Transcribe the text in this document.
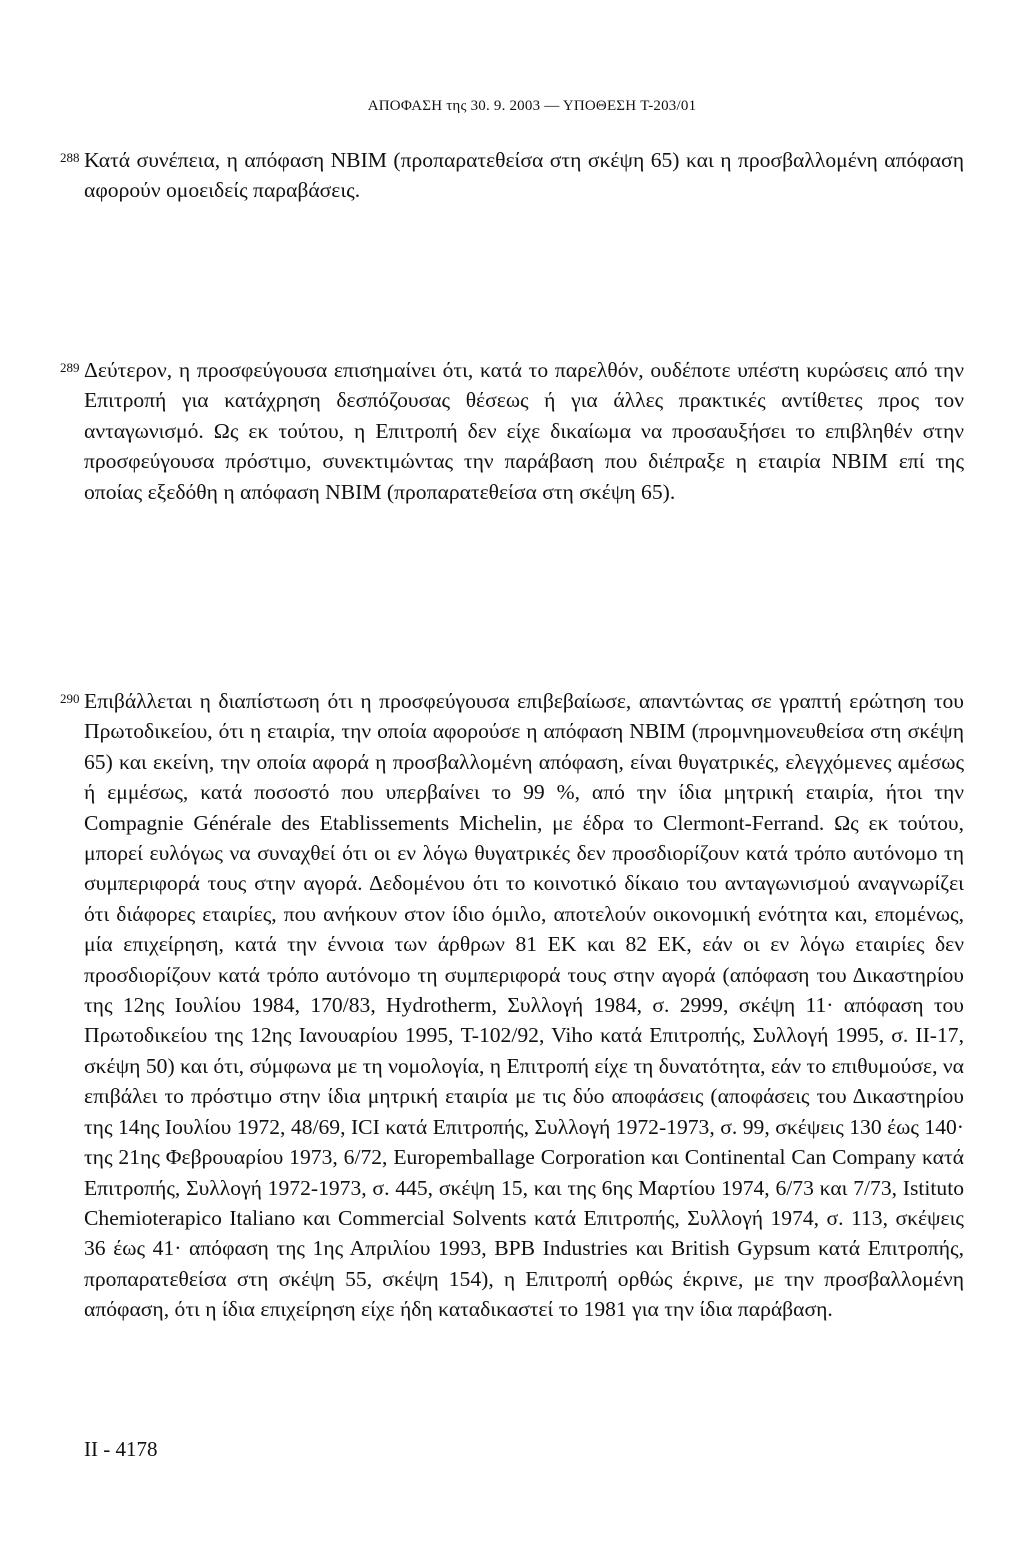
ΑΠΟΦΑΣΗ της 30. 9. 2003 — ΥΠΟΘΕΣΗ T-203/01
288 Κατά συνέπεια, η απόφαση NBIM (προπαρατεθείσα στη σκέψη 65) και η προσβαλλομένη απόφαση αφορούν ομοειδείς παραβάσεις.
289 Δεύτερον, η προσφεύγουσα επισημαίνει ότι, κατά το παρελθόν, ουδέποτε υπέστη κυρώσεις από την Επιτροπή για κατάχρηση δεσπόζουσας θέσεως ή για άλλες πρακτικές αντίθετες προς τον ανταγωνισμό. Ως εκ τούτου, η Επιτροπή δεν είχε δικαίωμα να προσαυξήσει το επιβληθέν στην προσφεύγουσα πρόστιμο, συνεκτιμώντας την παράβαση που διέπραξε η εταιρία NBIM επί της οποίας εξεδόθη η απόφαση NBIM (προπαρατεθείσα στη σκέψη 65).
290 Επιβάλλεται η διαπίστωση ότι η προσφεύγουσα επιβεβαίωσε, απαντώντας σε γραπτή ερώτηση του Πρωτοδικείου, ότι η εταιρία, την οποία αφορούσε η απόφαση NBIM (προμνημονευθείσα στη σκέψη 65) και εκείνη, την οποία αφορά η προσβαλλομένη απόφαση, είναι θυγατρικές, ελεγχόμενες αμέσως ή εμμέσως, κατά ποσοστό που υπερβαίνει το 99 %, από την ίδια μητρική εταιρία, ήτοι την Compagnie Générale des Etablissements Michelin, με έδρα το Clermont-Ferrand. Ως εκ τούτου, μπορεί ευλόγως να συναχθεί ότι οι εν λόγω θυγατρικές δεν προσδιορίζουν κατά τρόπο αυτόνομο τη συμπεριφορά τους στην αγορά. Δεδομένου ότι το κοινοτικό δίκαιο του ανταγωνισμού αναγνωρίζει ότι διάφορες εταιρίες, που ανήκουν στον ίδιο όμιλο, αποτελούν οικονομική ενότητα και, επομένως, μία επιχείρηση, κατά την έννοια των άρθρων 81 ΕΚ και 82 ΕΚ, εάν οι εν λόγω εταιρίες δεν προσδιορίζουν κατά τρόπο αυτόνομο τη συμπεριφορά τους στην αγορά (απόφαση του Δικαστηρίου της 12ης Ιουλίου 1984, 170/83, Hydrotherm, Συλλογή 1984, σ. 2999, σκέψη 11· απόφαση του Πρωτοδικείου της 12ης Ιανουαρίου 1995, T-102/92, Viho κατά Επιτροπής, Συλλογή 1995, σ. II-17, σκέψη 50) και ότι, σύμφωνα με τη νομολογία, η Επιτροπή είχε τη δυνατότητα, εάν το επιθυμούσε, να επιβάλει το πρόστιμο στην ίδια μητρική εταιρία με τις δύο αποφάσεις (αποφάσεις του Δικαστηρίου της 14ης Ιουλίου 1972, 48/69, ICI κατά Επιτροπής, Συλλογή 1972-1973, σ. 99, σκέψεις 130 έως 140· της 21ης Φεβρουαρίου 1973, 6/72, Europemballage Corporation και Continental Can Company κατά Επιτροπής, Συλλογή 1972-1973, σ. 445, σκέψη 15, και της 6ης Μαρτίου 1974, 6/73 και 7/73, Istituto Chemioterapico Italiano και Commercial Solvents κατά Επιτροπής, Συλλογή 1974, σ. 113, σκέψεις 36 έως 41· απόφαση της 1ης Απριλίου 1993, BPB Industries και British Gypsum κατά Επιτροπής, προπαρατεθείσα στη σκέψη 55, σκέψη 154), η Επιτροπή ορθώς έκρινε, με την προσβαλλομένη απόφαση, ότι η ίδια επιχείρηση είχε ήδη καταδικαστεί το 1981 για την ίδια παράβαση.
II - 4178
